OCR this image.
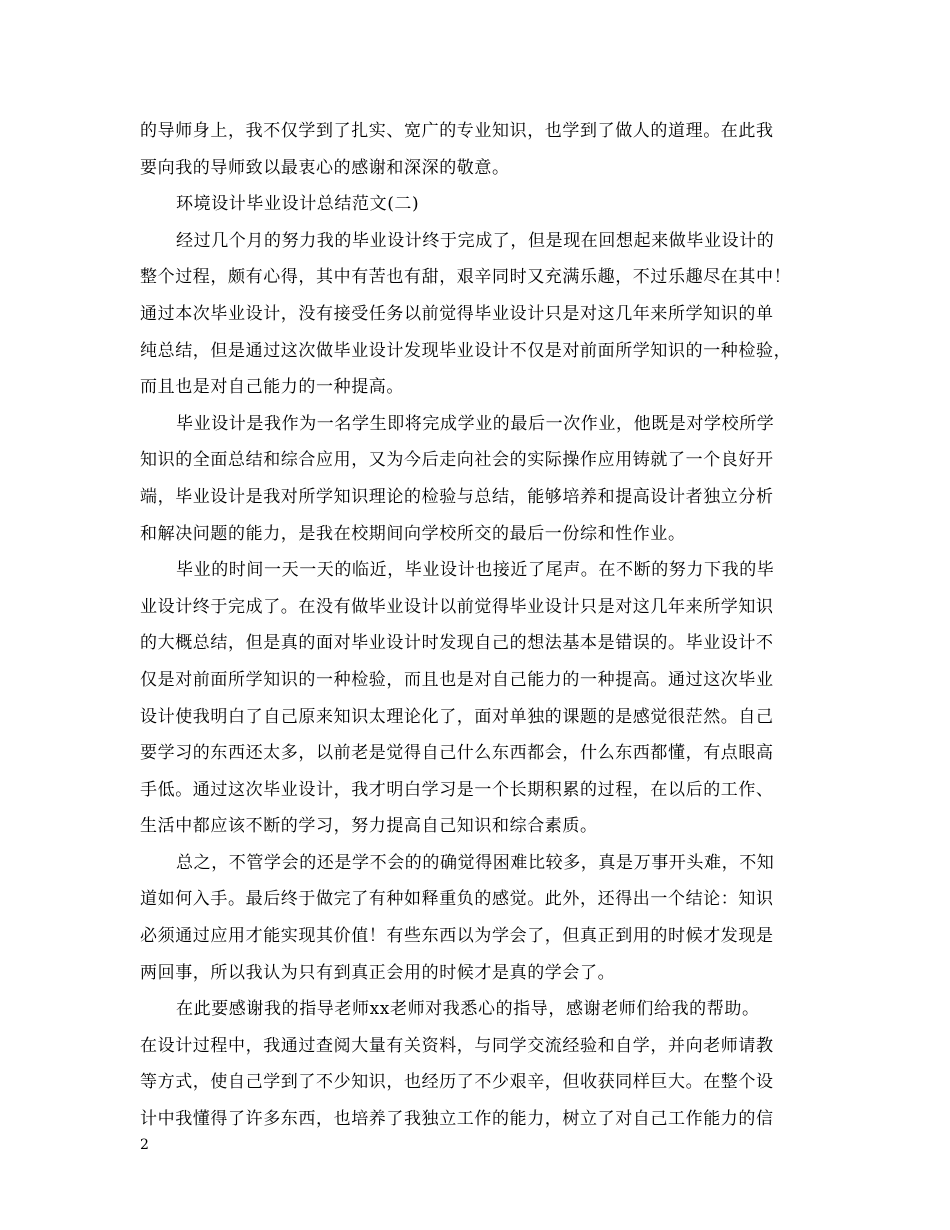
的导师身上，我不仅学到了扎实、宽广的专业知识，也学到了做人的道理。在此我
要向我的导师致以最衷心的感谢和深深的敬意。
环境设计毕业设计总结范文(二)
经过几个月的努力我的毕业设计终于完成了，但是现在回想起来做毕业设计的
整个过程，颇有心得，其中有苦也有甜，艰辛同时又充满乐趣，不过乐趣尽在其中！
通过本次毕业设计，没有接受任务以前觉得毕业设计只是对这几年来所学知识的单
纯总结，但是通过这次做毕业设计发现毕业设计不仅是对前面所学知识的一种检验，
而且也是对自己能力的一种提高。
毕业设计是我作为一名学生即将完成学业的最后一次作业，他既是对学校所学
知识的全面总结和综合应用，又为今后走向社会的实际操作应用铸就了一个良好开
端，毕业设计是我对所学知识理论的检验与总结，能够培养和提高设计者独立分析
和解决问题的能力，是我在校期间向学校所交的最后一份综和性作业。
毕业的时间一天一天的临近，毕业设计也接近了尾声。在不断的努力下我的毕
业设计终于完成了。在没有做毕业设计以前觉得毕业设计只是对这几年来所学知识
的大概总结，但是真的面对毕业设计时发现自己的想法基本是错误的。毕业设计不
仅是对前面所学知识的一种检验，而且也是对自己能力的一种提高。通过这次毕业
设计使我明白了自己原来知识太理论化了，面对单独的课题的是感觉很茫然。自己
要学习的东西还太多，以前老是觉得自己什么东西都会，什么东西都懂，有点眼高
手低。通过这次毕业设计，我才明白学习是一个长期积累的过程，在以后的工作、
生活中都应该不断的学习，努力提高自己知识和综合素质。
总之，不管学会的还是学不会的的确觉得困难比较多，真是万事开头难，不知
道如何入手。最后终于做完了有种如释重负的感觉。此外，还得出一个结论：知识
必须通过应用才能实现其价值！有些东西以为学会了，但真正到用的时候才发现是
两回事，所以我认为只有到真正会用的时候才是真的学会了。
在此要感谢我的指导老师xx老师对我悉心的指导，感谢老师们给我的帮助。
在设计过程中，我通过查阅大量有关资料，与同学交流经验和自学，并向老师请教
等方式，使自己学到了不少知识，也经历了不少艰辛，但收获同样巨大。在整个设
计中我懂得了许多东西，也培养了我独立工作的能力，树立了对自己工作能力的信
2
